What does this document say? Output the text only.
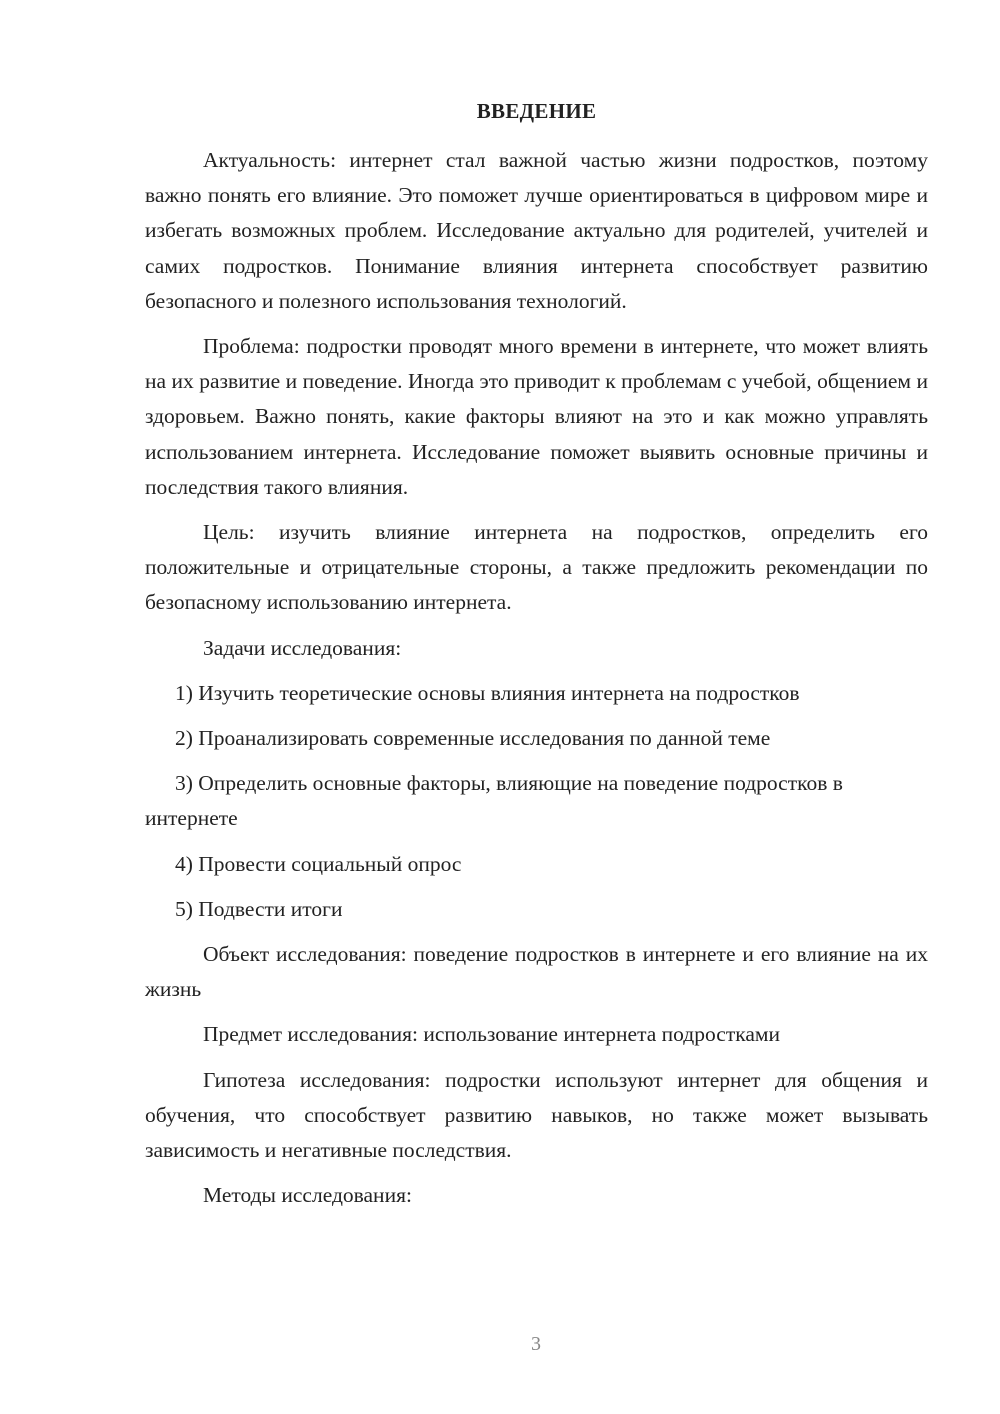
ВВЕДЕНИЕ

Актуальность: интернет стал важной частью жизни подростков, поэтому важно понять его влияние. Это поможет лучше ориентироваться в цифровом мире и избегать возможных проблем. Исследование актуально для родителей, учителей и самих подростков. Понимание влияния интернета способствует развитию безопасного и полезного использования технологий.

Проблема: подростки проводят много времени в интернете, что может влиять на их развитие и поведение. Иногда это приводит к проблемам с учебой, общением и здоровьем. Важно понять, какие факторы влияют на это и как можно управлять использованием интернета. Исследование поможет выявить основные причины и последствия такого влияния.

Цель: изучить влияние интернета на подростков, определить его положительные и отрицательные стороны, а также предложить рекомендации по безопасному использованию интернета.

Задачи исследования:

1) Изучить теоретические основы влияния интернета на подростков

2) Проанализировать современные исследования по данной теме

3) Определить основные факторы, влияющие на поведение подростков в интернете

4) Провести социальный опрос

5) Подвести итоги

Объект исследования: поведение подростков в интернете и его влияние на их жизнь

Предмет исследования: использование интернета подростками

Гипотеза исследования: подростки используют интернет для общения и обучения, что способствует развитию навыков, но также может вызывать зависимость и негативные последствия.

Методы исследования:

3
